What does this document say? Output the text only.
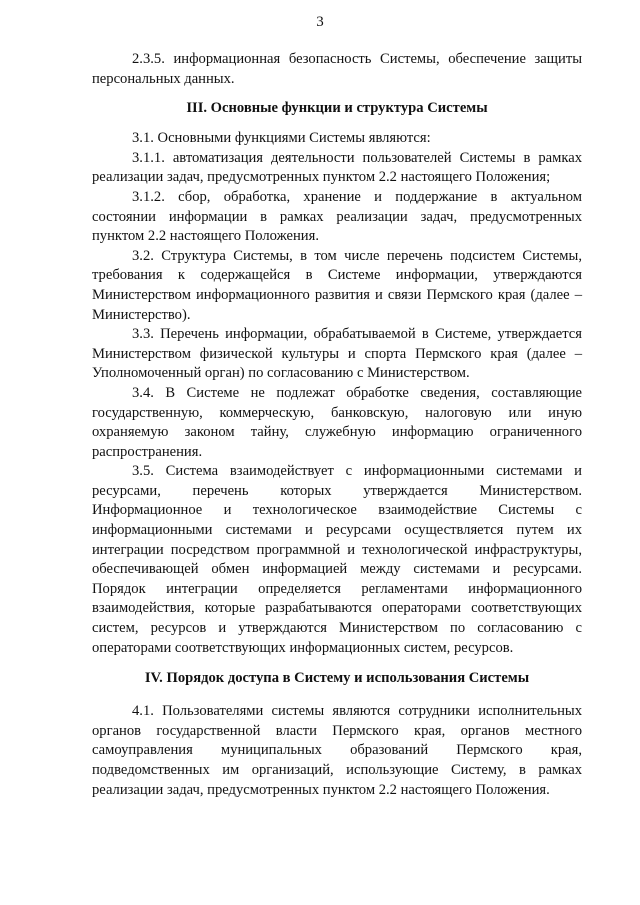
3

2.3.5. информационная безопасность Системы, обеспечение защиты персональных данных.

III. Основные функции и структура Системы

3.1. Основными функциями Системы являются:

3.1.1. автоматизация деятельности пользователей Системы в рамках реализации задач, предусмотренных пунктом 2.2 настоящего Положения;

3.1.2. сбор, обработка, хранение и поддержание в актуальном состоянии информации в рамках реализации задач, предусмотренных пунктом 2.2 настоящего Положения.

3.2. Структура Системы, в том числе перечень подсистем Системы, требования к содержащейся в Системе информации, утверждаются Министерством информационного развития и связи Пермского края (далее – Министерство).

3.3. Перечень информации, обрабатываемой в Системе, утверждается Министерством физической культуры и спорта Пермского края (далее – Уполномоченный орган) по согласованию с Министерством.

3.4. В Системе не подлежат обработке сведения, составляющие государственную, коммерческую, банковскую, налоговую или иную охраняемую законом тайну, служебную информацию ограниченного распространения.

3.5. Система взаимодействует с информационными системами и ресурсами, перечень которых утверждается Министерством. Информационное и технологическое взаимодействие Системы с информационными системами и ресурсами осуществляется путем их интеграции посредством программной и технологической инфраструктуры, обеспечивающей обмен информацией между системами и ресурсами. Порядок интеграции определяется регламентами информационного взаимодействия, которые разрабатываются операторами соответствующих систем, ресурсов и утверждаются Министерством по согласованию с операторами соответствующих информационных систем, ресурсов.

IV. Порядок доступа в Систему и использования Системы

4.1. Пользователями системы являются сотрудники исполнительных органов государственной власти Пермского края, органов местного самоуправления муниципальных образований Пермского края, подведомственных им организаций, использующие Систему, в рамках реализации задач, предусмотренных пунктом 2.2 настоящего Положения.
